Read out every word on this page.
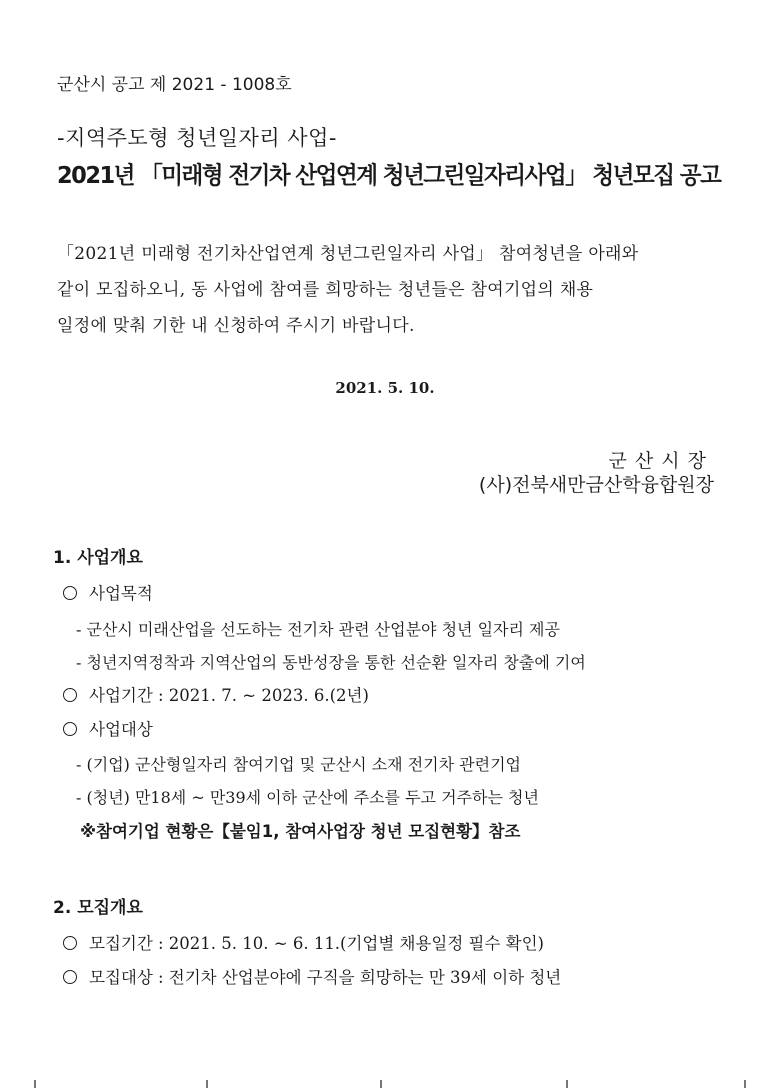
군산시 공고 제 2021 - 1008호
-지역주도형 청년일자리 사업-
2021년 「미래형 전기차 산업연계 청년그린일자리사업」 청년모집 공고
「2021년 미래형 전기차산업연계 청년그린일자리 사업」 참여청년을 아래와
같이 모집하오니, 동 사업에 참여를 희망하는 청년들은 참여기업의 채용
일정에 맞춰 기한 내 신청하여 주시기 바랍니다.
2021. 5. 10.
군산시장
(사)전북새만금산학융합원장
1. 사업개요
사업목적
- 군산시 미래산업을 선도하는 전기차 관련 산업분야 청년 일자리 제공
- 청년지역정착과 지역산업의 동반성장을 통한 선순환 일자리 창출에 기여
사업기간 : 2021. 7. ~ 2023. 6.(2년)
사업대상
- (기업) 군산형일자리 참여기업 및 군산시 소재 전기차 관련기업
- (청년) 만18세 ~ 만39세 이하 군산에 주소를 두고 거주하는 청년
※참여기업 현황은【붙임1, 참여사업장 청년 모집현황】참조
2. 모집개요
모집기간 : 2021. 5. 10. ~ 6. 11.(기업별 채용일정 필수 확인)
모집대상 : 전기차 산업분야에 구직을 희망하는 만 39세 이하 청년
